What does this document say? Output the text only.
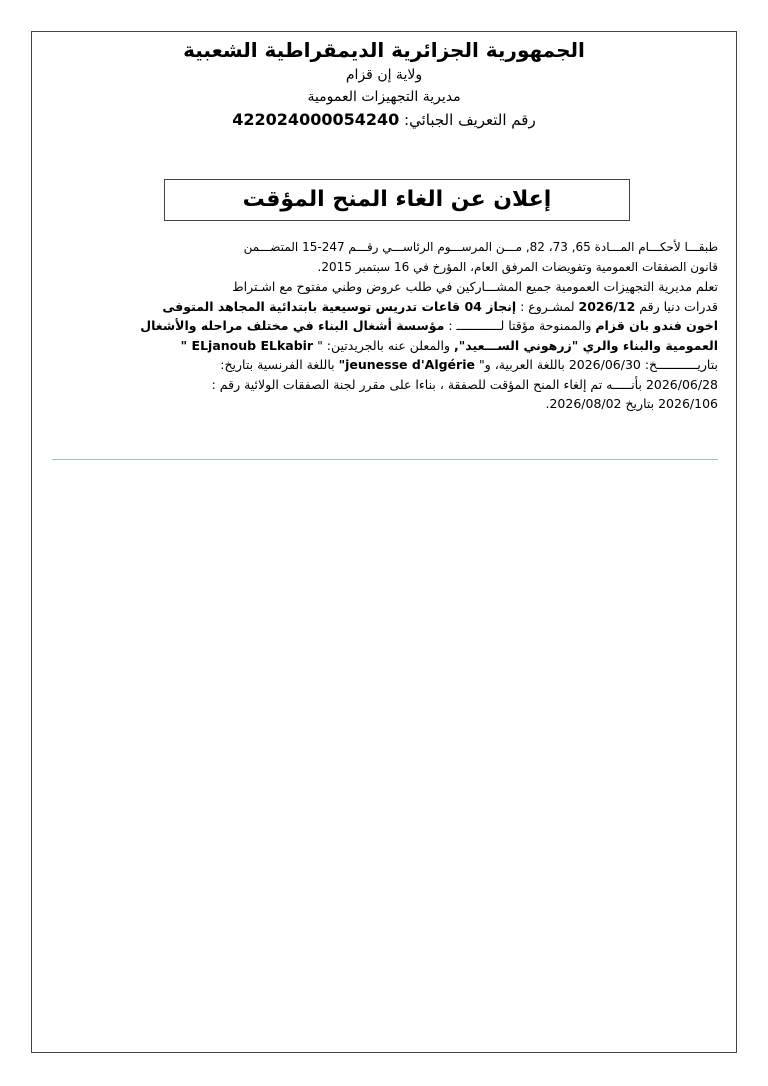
الجمهورية الجزائرية الديمقراطية الشعبية
ولاية إن قزام
مديرية التجهيزات العمومية
رقم التعريف الجبائي: 422024000054240
إعلان عن الغاء المنح المؤقت
طبقـــا لأحكـــام المـــادة 65, 73، 82, مـــن المرســـوم الرئاســـي رقـــم 247-15 المتضـــمن
قانون الصفقات العمومية وتفويضات المرفق العام، المؤرخ في 16 سبتمبر 2015.
تعلم مديرية التجهيزات العمومية جميع المشـــاركين في طلب عروض وطني مفتوح مع اشـتراط
قدرات دنيا رقم 2026/12 لمشـروع : إنجاز 04 قاعات تدريس توسيعية بابتدائية المجاهد المتوفى
اخون فندو بان قزام والممنوحة مؤقتا لــــــــــــ : مؤسسة أشغال البناء في مختلف مراحله والأشغال
العمومية والبناء والري "زرهوني الســـعيد", والمعلن عنه بالجريدتين: " ELjanoub ELkabir "
بتاريـــــــــــخ: 2026/06/30 باللغة العربية، و" jeunesse d'Algérie" باللغة الفرنسية بتاريخ:
2026/06/28 بأنـــــه تم إلغاء المنح المؤقت للصفقة ، بناءا على مقرر لجنة الصفقات الولائية رقم :
2026/106 بتاريخ 2026/08/02.
